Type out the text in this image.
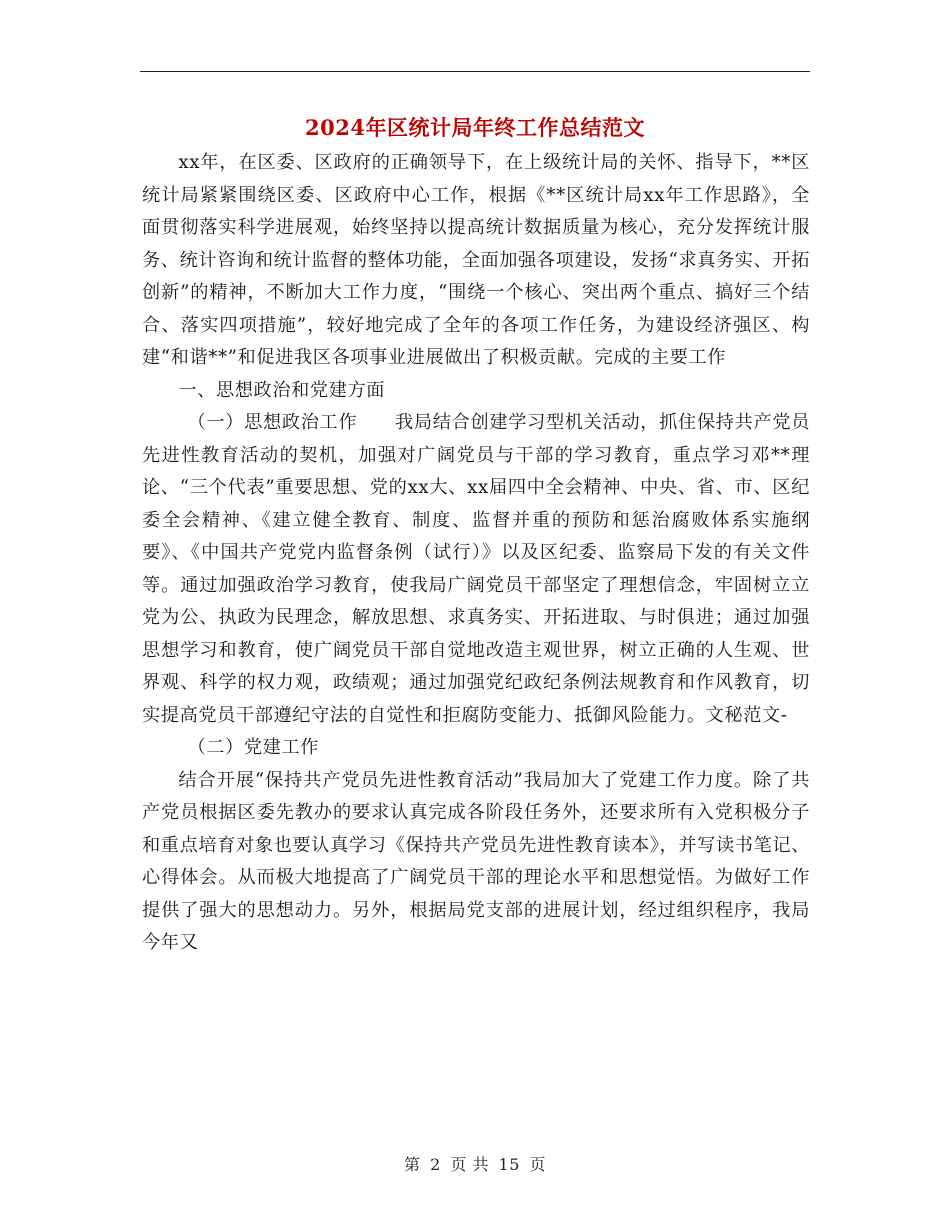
2024年区统计局年终工作总结范文

xx年，在区委、区政府的正确领导下，在上级统计局的关怀、指导下，**区统计局紧紧围绕区委、区政府中心工作，根据《**区统计局xx年工作思路》，全面贯彻落实科学进展观，始终坚持以提高统计数据质量为核心，充分发挥统计服务、统计咨询和统计监督的整体功能，全面加强各项建设，发扬“求真务实、开拓创新”的精神，不断加大工作力度，“围绕一个核心、突出两个重点、搞好三个结合、落实四项措施”，较好地完成了全年的各项工作任务，为建设经济强区、构建“和谐**”和促进我区各项事业进展做出了积极贡献。完成的主要工作

一、思想政治和党建方面

（一）思想政治工作　　我局结合创建学习型机关活动，抓住保持共产党员先进性教育活动的契机，加强对广阔党员与干部的学习教育，重点学习邓**理论、“三个代表”重要思想、党的xx大、xx届四中全会精神、中央、省、市、区纪委全会精神、《建立健全教育、制度、监督并重的预防和惩治腐败体系实施纲要》、《中国共产党党内监督条例（试行）》以及区纪委、监察局下发的有关文件等。通过加强政治学习教育，使我局广阔党员干部坚定了理想信念，牢固树立立党为公、执政为民理念，解放思想、求真务实、开拓进取、与时俱进；通过加强思想学习和教育，使广阔党员干部自觉地改造主观世界，树立正确的人生观、世界观、科学的权力观，政绩观；通过加强党纪政纪条例法规教育和作风教育，切实提高党员干部遵纪守法的自觉性和拒腐防变能力、抵御风险能力。文秘范文-

（二）党建工作

结合开展“保持共产党员先进性教育活动”我局加大了党建工作力度。除了共产党员根据区委先教办的要求认真完成各阶段任务外，还要求所有入党积极分子和重点培育对象也要认真学习《保持共产党员先进性教育读本》，并写读书笔记、心得体会。从而极大地提高了广阔党员干部的理论水平和思想觉悟。为做好工作提供了强大的思想动力。另外，根据局党支部的进展计划，经过组织程序，我局今年又

第 2 页 共 15 页
